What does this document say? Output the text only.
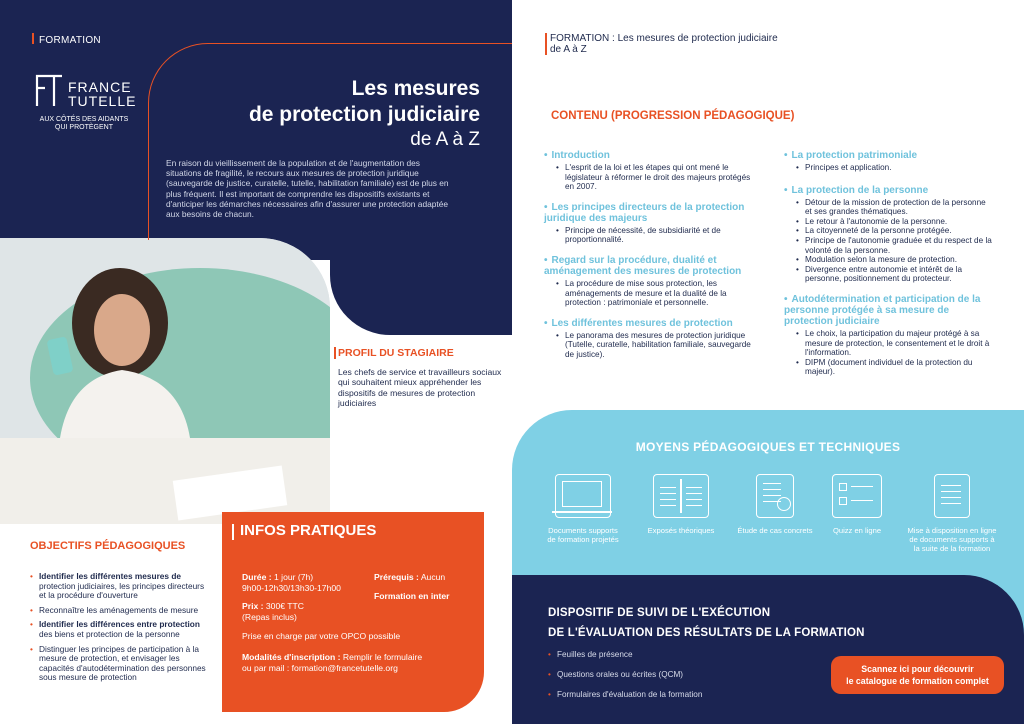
FORMATION
FRANCE
TUTELLE
AUX CÔTÉS DES AIDANTS
QUI PROTÈGENT
Les mesures
de protection judiciaire
de A à Z
En raison du vieillissement de la population et de l'augmentation des situations de fragilité, le recours aux mesures de protection juridique (sauvegarde de justice, curatelle, tutelle, habilitation familiale) est de plus en plus fréquent. Il est important de comprendre les dispositifs existants et d'anticiper les démarches nécessaires afin d'assurer une protection adaptée aux besoins de chacun.
PROFIL DU STAGIAIRE
Les chefs de service et travailleurs sociaux qui souhaitent mieux appréhender les dispositifs de mesures de protection judiciaires
OBJECTIFS PÉDAGOGIQUES
• Identifier les différentes mesures de protection judiciaires, les principes directeurs et la procédure d'ouverture
• Reconnaître les aménagements de mesure
• Identifier les différences entre protection des biens et protection de la personne
• Distinguer les principes de participation à la mesure de protection, et envisager les capacités d'autodétermination des personnes sous mesure de protection
INFOS PRATIQUES
Durée : 1 jour (7h)
9h00-12h30/13h30-17h00
Prix : 300€ TTC
(Repas inclus)
Prise en charge par votre OPCO possible
Modalités d'inscription : Remplir le formulaire
ou par mail : formation@francetutelle.org
Prérequis : Aucun
Formation en inter
FORMATION : Les mesures de protection judiciaire
de A à Z
CONTENU (PROGRESSION PÉDAGOGIQUE)
• Introduction
• L'esprit de la loi et les étapes qui ont mené le législateur à réformer le droit des majeurs protégés en 2007.
• Les principes directeurs de la protection juridique des majeurs
• Principe de nécessité, de subsidiarité et de proportionnalité.
• Regard sur la procédure, dualité et aménagement des mesures de protection
• La procédure de mise sous protection, les aménagements de mesure et la dualité de la protection : patrimoniale et personnelle.
• Les différentes mesures de protection
• Le panorama des mesures de protection juridique (Tutelle, curatelle, habilitation familiale, sauvegarde de justice).
• La protection patrimoniale
• Principes et application.
• La protection de la personne
• Détour de la mission de protection de la personne et ses grandes thématiques.
• Le retour à l'autonomie de la personne.
• La citoyenneté de la personne protégée.
• Principe de l'autonomie graduée et du respect de la volonté de la personne.
• Modulation selon la mesure de protection.
• Divergence entre autonomie et intérêt de la personne, positionnement du protecteur.
• Autodétermination et participation de la personne protégée à sa mesure de protection judiciaire
• Le choix, la participation du majeur protégé à sa mesure de protection, le consentement et le droit à l'information.
• DIPM (document individuel de la protection du majeur).
MOYENS PÉDAGOGIQUES ET TECHNIQUES
Documents supports de formation projetés
Exposés théoriques	Étude de cas concrets	Quizz en ligne	Mise à disposition en ligne de documents supports à la suite de la formation
DISPOSITIF DE SUIVI DE L'EXÉCUTION
DE L'ÉVALUATION DES RÉSULTATS DE LA FORMATION
• Feuilles de présence
• Questions orales ou écrites (QCM)
• Formulaires d'évaluation de la formation
Scannez ici pour découvrir
le catalogue de formation complet
